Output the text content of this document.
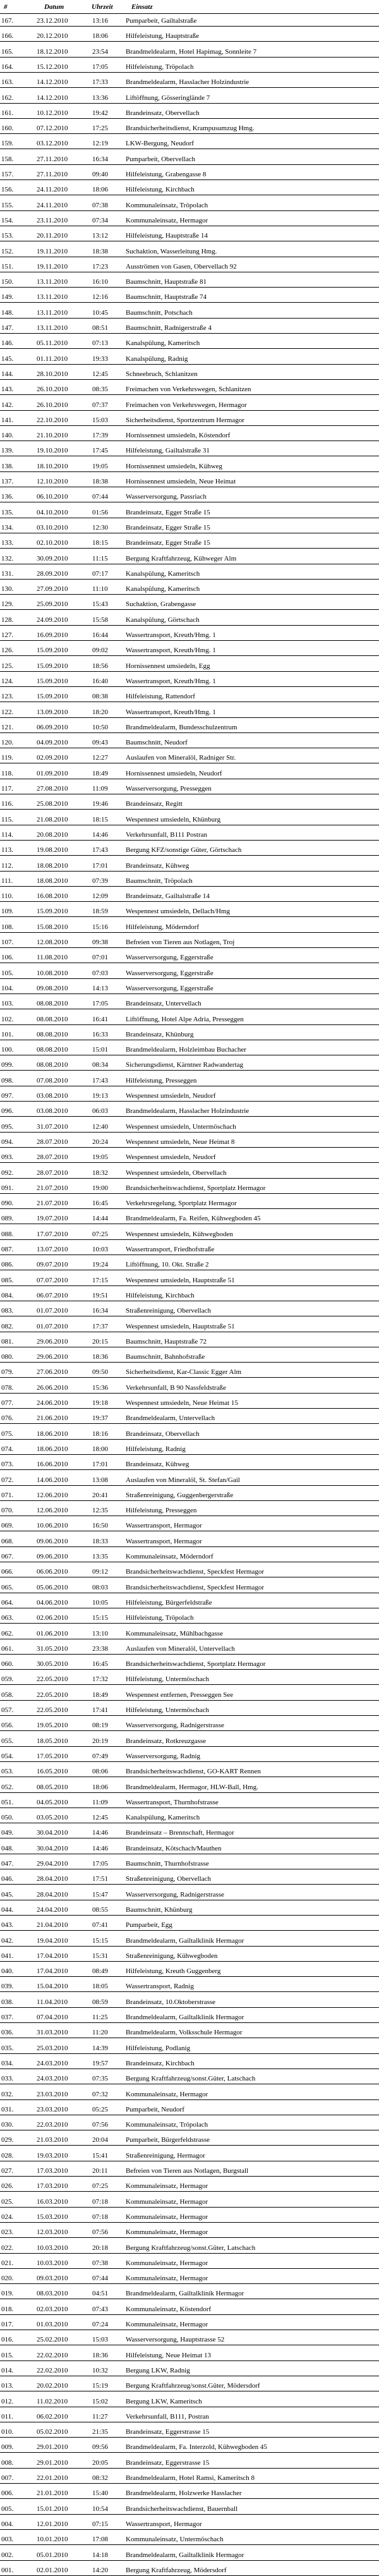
#	Datum	Uhrzeit	Einsatz
167.	23.12.2010	13:16	Pumparbeit, Gailtalstraße
166.	20.12.2010	18:06	Hilfeleistung, Hauptstraße
165.	18.12.2010	23:54	Brandmeldealarm, Hotel Hapimag, Sonnleite 7
164.	15.12.2010	17:05	Hilfeleistung, Tröpolach
163.	14.12.2010	17:33	Brandmeldealarm, Hasslacher Holzindustrie
162.	14.12.2010	13:36	Liftöffnung, Gösseringlände 7
161.	10.12.2010	19:42	Brandeinsatz, Obervellach
160.	07.12.2010	17:25	Brandsicherheitsdienst, Krampusumzug Hmg.
159.	03.12.2010	12:19	LKW-Bergung, Neudorf
158.	27.11.2010	16:34	Pumparbeit, Obervellach
157.	27.11.2010	09:40	Hilfeleistung, Grabengasse 8
156.	24.11.2010	18:06	Hilfeleistung, Kirchbach
155.	24.11.2010	07:38	Kommunaleinsatz, Tröpolach
154.	23.11.2010	07:34	Kommunaleinsatz, Hermagor
153.	20.11.2010	13:12	Hilfeleistung, Hauptstraße 14
152.	19.11.2010	18:38	Suchaktion, Wasserleitung Hmg.
151.	19.11.2010	17:23	Ausströmen von Gasen, Obervellach 92
150.	13.11.2010	16:10	Baumschnitt, Hauptstraße 81
149.	13.11.2010	12:16	Baumschnitt, Hauptstraße 74
148.	13.11.2010	10:45	Baumschnitt, Potschach
147.	13.11.2010	08:51	Baumschnitt, Radnigerstraße 4
146.	05.11.2010	07:13	Kanalspülung, Kameritsch
145.	01.11.2010	19:33	Kanalspülung, Radnig
144.	28.10.2010	12:45	Schneebruch, Schlanitzen
143.	26.10.2010	08:35	Freimachen von Verkehrswegen, Schlanitzen
142.	26.10.2010	07:37	Freimachen von Verkehrswegen, Hermagor
141.	22.10.2010	15:03	Sicherheitsdienst, Sportzentrum Hermagor
140.	21.10.2010	17:39	Hornissennest umsiedeln, Köstendorf
139.	19.10.2010	17:45	Hilfeleistung, Gailtalstraße 31
138.	18.10.2010	19:05	Hornissennest umsiedeln, Kühweg
137.	12.10.2010	18:38	Hornissennest umsiedeln, Neue Heimat
136.	06.10.2010	07:44	Wasserversorgung, Passriach
135.	04.10.2010	01:56	Brandeinsatz, Egger Straße 15
134.	03.10.2010	12:30	Brandeinsatz, Egger Straße 15
133.	02.10.2010	18:15	Brandeinsatz, Egger Straße 15
132.	30.09.2010	11:15	Bergung Kraftfahrzeug, Kühweger Alm
131.	28.09.2010	07:17	Kanalspülung, Kameritsch
130.	27.09.2010	11:10	Kanalspülung, Kameritsch
129.	25.09.2010	15:43	Suchaktion, Grabengasse
128.	24.09.2010	15:58	Kanalspülung, Görtschach
127.	16.09.2010	16:44	Wassertransport, Kreuth/Hmg. 1
126.	15.09.2010	09:02	Wassertransport, Kreuth/Hmg. 1
125.	15.09.2010	18:56	Hornissennest umsiedeln, Egg
124.	15.09.2010	16:40	Wassertransport, Kreuth/Hmg. 1
123.	15.09.2010	08:38	Hilfeleistung, Rattendorf
122.	13.09.2010	18:20	Wassertransport, Kreuth/Hmg. 1
121.	06.09.2010	10:50	Brandmeldealarm, Bundesschulzentrum
120.	04.09.2010	09:43	Baumschnitt, Neudorf
119.	02.09.2010	12:27	Auslaufen von Mineralöl, Radniger Str.
118.	01.09.2010	18:49	Hornissennest umsiedeln, Neudorf
117.	27.08.2010	11:09	Wasserversorgung, Presseggen
116.	25.08.2010	19:46	Brandeinsatz, Regitt
115.	21.08.2010	18:15	Wespennest umsiedeln, Khünburg
114.	20.08.2010	14:46	Verkehrsunfall, B111 Postran
113.	19.08.2010	17:43	Bergung KFZ/sonstige Güter, Görtschach
112.	18.08.2010	17:01	Brandeinsatz, Kühweg
111.	18.08.2010	07:39	Baumschnitt, Tröpolach
110.	16.08.2010	12:09	Brandeinsatz, Gailtalstraße 14
109.	15.09.2010	18:59	Wespennest umsiedeln, Dellach/Hmg
108.	15.08.2010	15:16	Hilfeleistung, Möderndorf
107.	12.08.2010	09:38	Befreien von Tieren aus Notlagen, Troj
106.	11.08.2010	07:01	Wasserversorgung, Eggerstraße
105.	10.08.2010	07:03	Wasserversorgung, Eggerstraße
104.	09.08.2010	14:13	Wasserversorgung, Eggerstraße
103.	08.08.2010	17:05	Brandeinsatz, Untervellach
102.	08.08.2010	16:41	Liftöffnung, Hotel Alpe Adria, Presseggen
101.	08.08.2010	16:33	Brandeinsatz, Khünburg
100.	08.08.2010	15:01	Brandmeldealarm, Holzleimbau Buchacher
099.	08.08.2010	08:34	Sicherungsdienst, Kärntner Radwandertag
098.	07.08.2010	17:43	Hilfeleistung, Presseggen
097.	03.08.2010	19:13	Wespennest umsiedeln, Neudorf
096.	03.08.2010	06:03	Brandmeldealarm, Hasslacher Holzindustrie
095.	31.07.2010	12:40	Wespennest umsiedeln, Untermöschach
094.	28.07.2010	20:24	Wespennest umsiedeln, Neue Heimat 8
093.	28.07.2010	19:05	Wespennest umsiedeln, Neudorf
092.	28.07.2010	18:32	Wespennest umsiedeln, Obervellach
091.	21.07.2010	19:00	Brandsicherheitswachdienst, Sportplatz Hermagor
090.	21.07.2010	16:45	Verkehrsregelung, Sportplatz Hermagor
089.	19.07.2010	14:44	Brandmeldealarm, Fa. Reifen, Kühwegboden 45
088.	17.07.2010	07:25	Wespennest umsiedeln, Kühwegboden
087.	13.07.2010	10:03	Wassertransport, Friedhofstraße
086.	09.07.2010	19:24	Liftöffnung, 10. Okt. Straße 2
085.	07.07.2010	17:15	Wespennest umsiedeln, Hauptstraße 51
084.	06.07.2010	19:51	Hilfeleistung, Kirchbach
083.	01.07.2010	16:34	Straßenreinigung, Obervellach
082.	01.07.2010	17:37	Wespennest umsiedeln, Hauptstraße 51
081.	29.06.2010	20:15	Baumschnitt, Hauptstraße 72
080.	29.06.2010	18:36	Baumschnitt, Bahnhofstraße
079.	27.06.2010	09:50	Sicherheitsdienst, Kar-Classic Egger Alm
078.	26.06.2010	15:36	Verkehrsunfall, B 90 Nassfeldstraße
077.	24.06.2010	19:18	Wespennest umsiedeln, Neue Heimat 15
076.	21.06.2010	19:37	Brandmeldealarm, Untervellach
075.	18.06.2010	18:16	Brandeinsatz, Obervellach
074.	18.06.2010	18:00	Hilfeleistung, Radnig
073.	16.06.2010	17:01	Brandeinsatz, Kühweg
072.	14.06.2010	13:08	Auslaufen von Mineralöl, St. Stefan/Gail
071.	12.06.2010	20:41	Straßenreinigung, Guggenbergerstraße
070.	12.06.2010	12:35	Hilfeleistung, Presseggen
069.	10.06.2010	16:50	Wassertransport, Hermagor
068.	09.06.2010	18:33	Wassertransport, Hermagor
067.	09.06.2010	13:35	Kommunaleinsatz, Möderndorf
066.	06.06.2010	09:12	Brandsicherheitswachdienst, Speckfest Hermagor
065.	05.06.2010	08:03	Brandsicherheitswachdienst, Speckfest Hermagor
064.	04.06.2010	10:05	Hilfeleistung, Bürgerfeldstraße
063.	02.06.2010	15:15	Hilfeleistung, Tröpolach
062.	01.06.2010	13:10	Kommunaleinsatz, Mühlbachgasse
061.	31.05.2010	23:38	Auslaufen von Mineralöl, Untervellach
060.	30.05.2010	16:45	Brandsicherheitswachdienst, Sportplatz Hermagor
059.	22.05.2010	17:32	Hilfeleistung, Untermöschach
058.	22.05.2010	18:49	Wespennest entfernen, Presseggen See
057.	22.05.2010	17:41	Hilfeleistung, Untermöschach
056.	19.05.2010	08:19	Wasserversorgung, Radnigerstrasse
055.	18.05.2010	20:19	Brandeinsatz, Rotkreuzgasse
054.	17.05.2010	07:49	Wasserversorgung, Radnig
053.	16.05.2010	08:06	Brandsicherheitswachdienst, GO-KART Rennen
052.	08.05.2010	18:06	Brandmeldealarm, Hermagor, HLW-Ball, Hmg.
051.	04.05.2010	11:09	Wassertransport, Thurnhofstrasse
050.	03.05.2010	12:45	Kanalspülung, Kameritsch
049.	30.04.2010	14:46	Brandeinsatz – Brennschaft, Hermagor
048.	30.04.2010	14:46	Brandeinsatz, Kötschach/Mauthen
047.	29.04.2010	17:05	Baumschnitt, Thurnhofstrasse
046.	28.04.2010	17:51	Straßenreinigung, Obervellach
045.	28.04.2010	15:47	Wasserversorgung, Radnigerstrasse
044.	24.04.2010	08:55	Baumschnitt, Khünburg
043.	21.04.2010	07:41	Pumparbeit, Egg
042.	19.04.2010	15:15	Brandmeldealarm, Gailtalklinik Hermagor
041.	17.04.2010	15:31	Straßenreinigung, Kühwegboden
040.	17.04.2010	08:49	Hilfeleistung, Kreuth Guggenberg
039.	15.04.2010	18:05	Wassertransport, Radnig
038.	11.04.2010	08:59	Brandeinsatz, 10.Oktoberstrasse
037.	07.04.2010	11:25	Brandmeldealarm, Gailtalklinik Hermagor
036.	31.03.2010	11:20	Brandmeldealarm, Volksschule Hermagor
035.	25.03.2010	14:39	Hilfeleistung, Podlanig
034.	24.03.2010	19:57	Brandeinsatz, Kirchbach
033.	24.03.2010	07:35	Bergung Kraftfahrzeug/sonst.Güter, Latschach
032.	23.03.2010	07:32	Kommunaleinsatz, Hermagor
031.	23.03.2010	05:25	Pumparbeit, Neudorf
030.	22.03.2010	07:56	Kommunaleinsatz, Tröpolach
029.	21.03.2010	20:04	Pumparbeit, Bürgerfeldstrasse
028.	19.03.2010	15:41	Straßenreinigung, Hermagor
027.	17.03.2010	20:11	Befreien von Tieren aus Notlagen, Burgstall
026.	17.03.2010	07:25	Kommunaleinsatz, Hermagor
025.	16.03.2010	07:18	Kommunaleinsatz, Hermagor
024.	15.03.2010	07:18	Kommunaleinsatz, Hermagor
023.	12.03.2010	07:56	Kommunaleinsatz, Hermagor
022.	10.03.2010	20:18	Bergung Kraftfahrzeug/sonst.Güter, Latschach
021.	10.03.2010	07:38	Kommunaleinsatz, Hermagor
020.	09.03.2010	07:44	Kommunaleinsatz, Hermagor
019.	08.03.2010	04:51	Brandmeldealarm, Gailtalklinik Hermagor
018.	02.03.2010	07:43	Kommunaleinsatz, Köstendorf
017.	01.03.2010	07:24	Kommunaleinsatz, Hermagor
016.	25.02.2010	15:03	Wasserversorgung, Hauptstrasse 52
015.	22.02.2010	18:36	Hilfeleistung, Neue Heimat 13
014.	22.02.2010	10:32	Bergung LKW, Radnig
013.	20.02.2010	15:19	Bergung Kraftfahrzeug/sonst.Güter, Mödersdorf
012.	11.02.2010	15:02	Bergung LKW, Kameritsch
011.	06.02.2010	11:27	Verkehrsunfall, B111, Postran
010.	05.02.2010	21:35	Brandeinsatz, Eggerstrasse 15
009.	29.01.2010	09:56	Brandmeldealarm, Fa. Interzold, Kühwegboden 45
008.	29.01.2010	20:05	Brandeinsatz, Eggerstrasse 15
007.	22.01.2010	08:32	Brandmeldealarm, Hotel Ramsi, Kameritsch 8
006.	21.01.2010	15:40	Brandmeldealarm, Holzwerke Hasslacher
005.	15.01.2010	10:54	Brandsicherheitswachdienst, Bauernball
004.	12.01.2010	07:15	Wassertransport, Hermagor
003.	10.01.2010	17:08	Kommunaleinsatz, Untermöschach
002.	05.01.2010	14:18	Brandmeldealarm, Gailtalklinik Hermagor
001.	02.01.2010	14:20	Bergung Kraftfahrzeug, Mödersdorf
